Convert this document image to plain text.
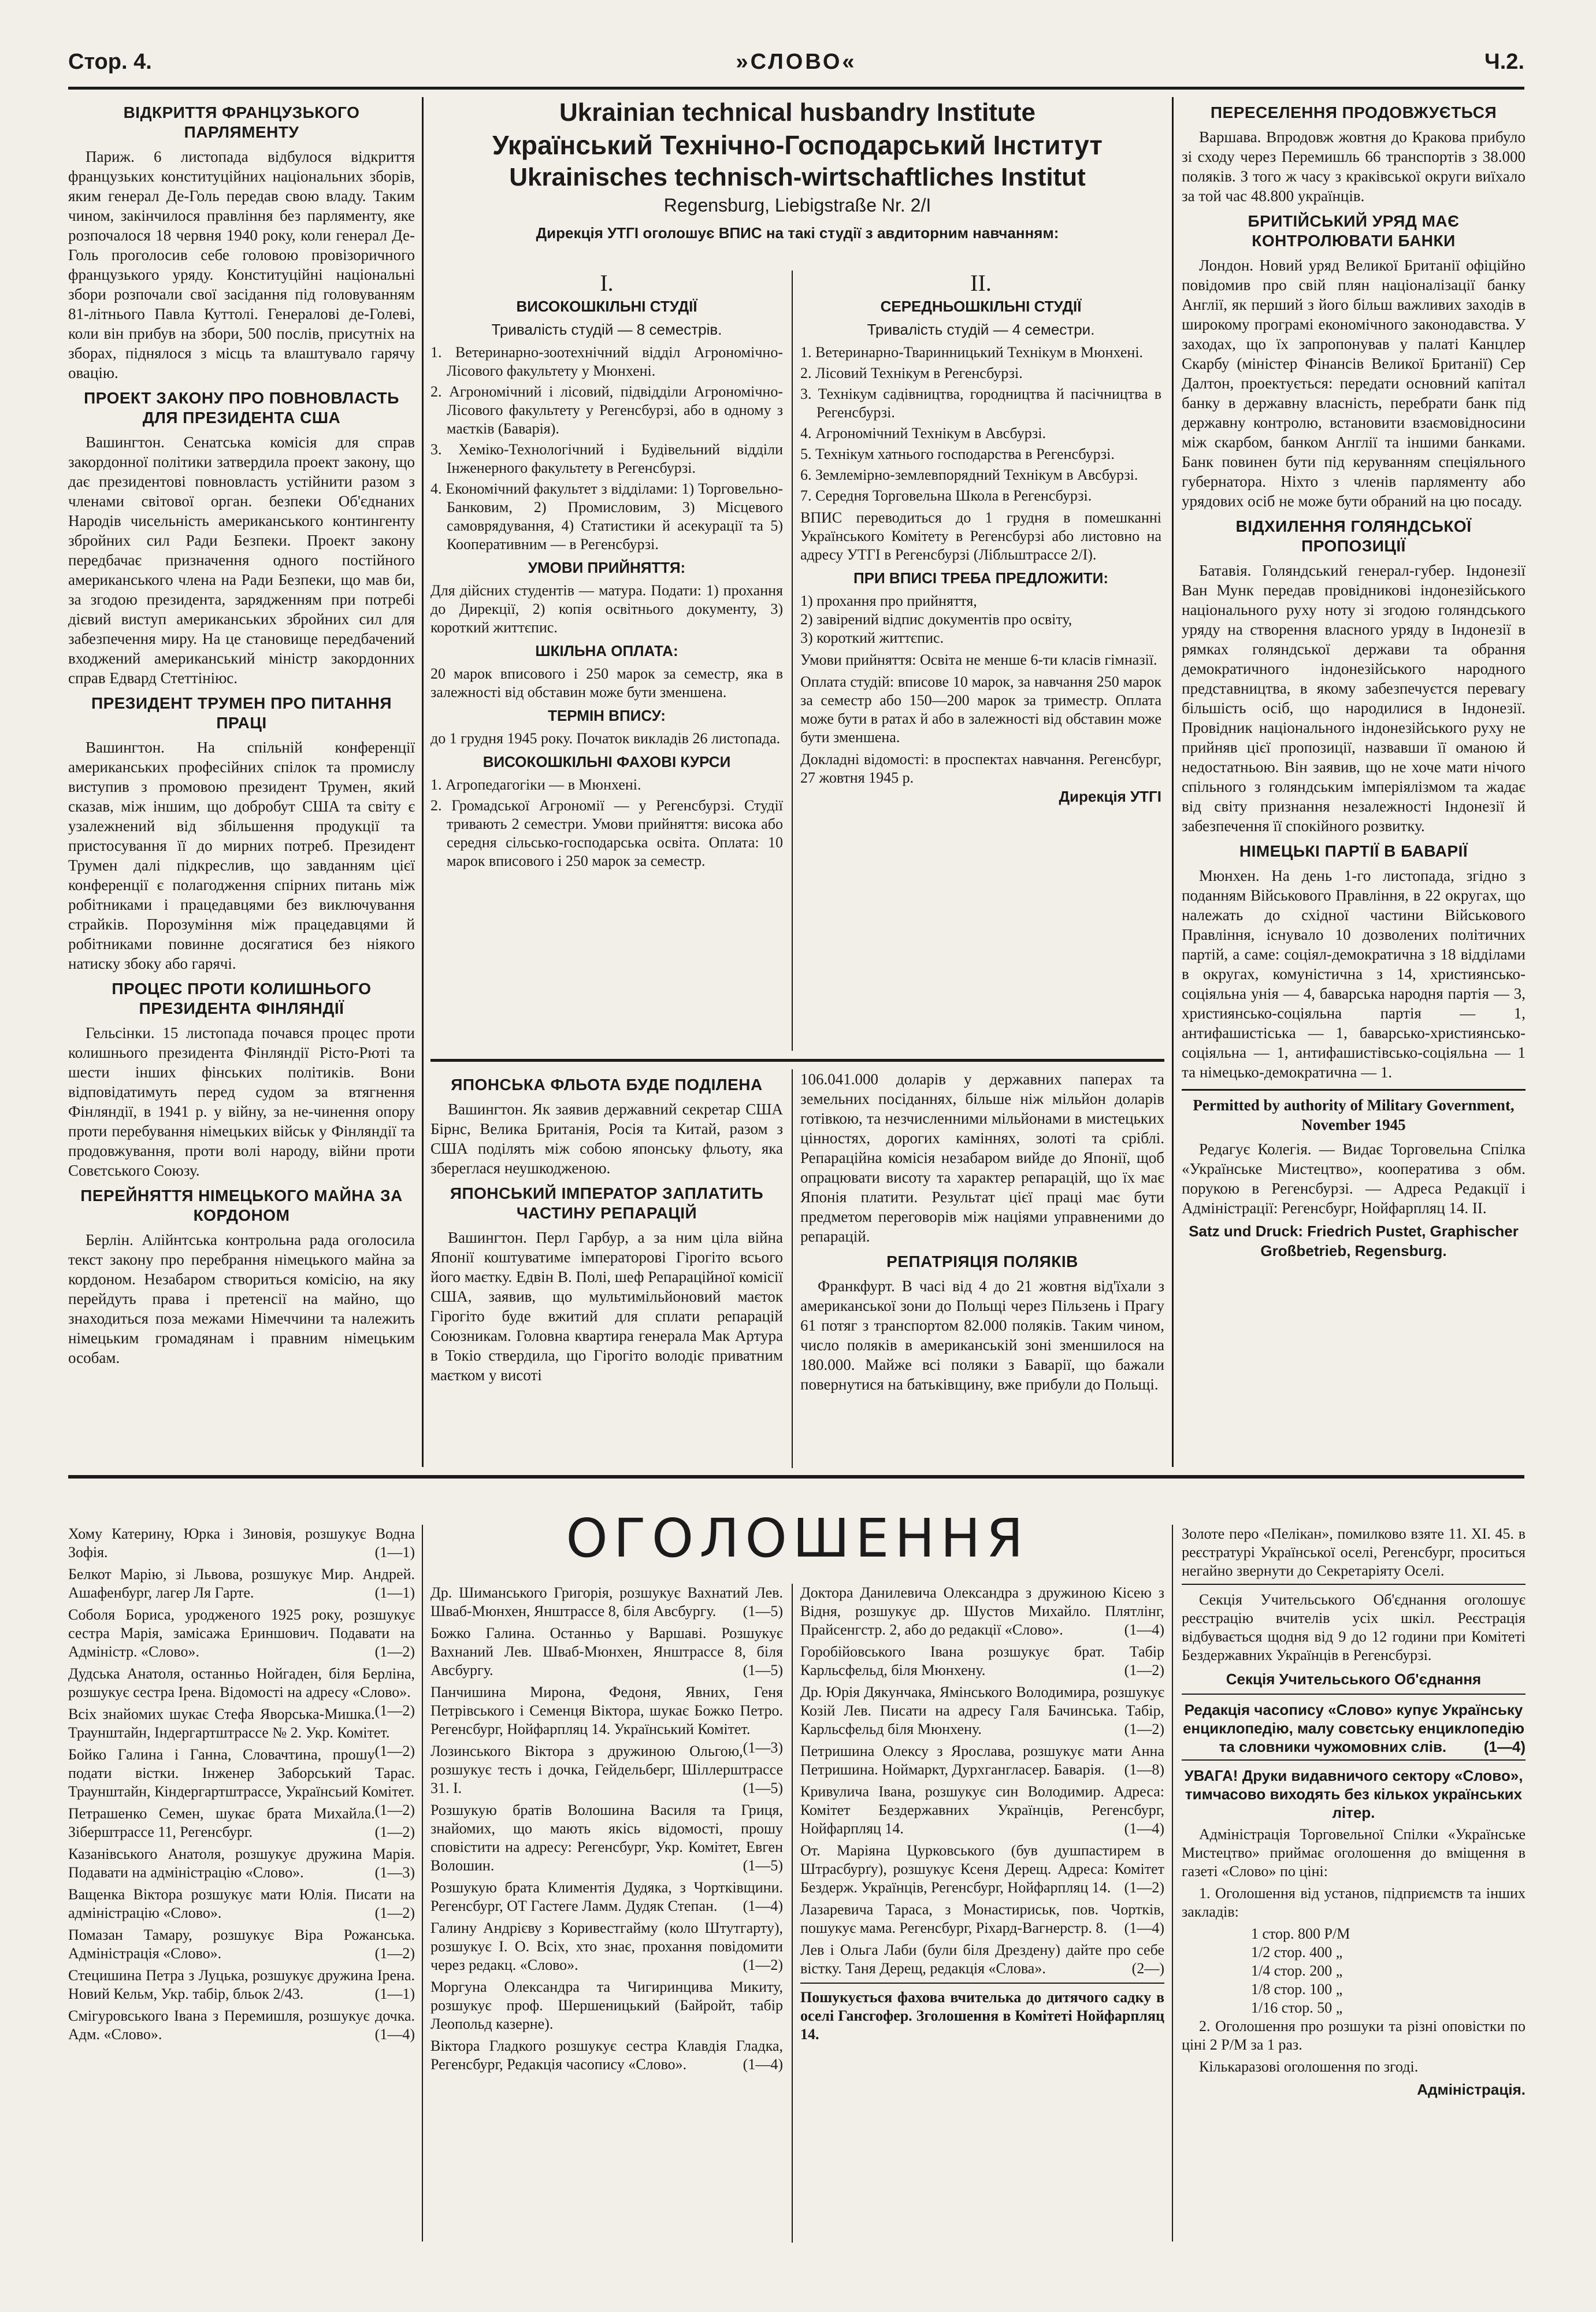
Стор. 4.	»СЛОВО«	Ч.2.
ВІДКРИТТЯ ФРАНЦУЗЬКОГО ПАРЛЯМЕНТУ

Париж. 6 листопада відбулося відкриття французьких конституційних національних зборів, яким генерал Де-Голь передав свою владу. Таким чином, закінчилося правління без парляменту, яке розпочалося 18 червня 1940 року, коли генерал Де-Голь проголосив себе головою провізоричного французького уряду. Конституційні національні збори розпочали свої засідання під головуванням 81-літнього Павла Куттолі. Генералові де-Голеві, коли він прибув на збори, 500 послів, присутніх на зборах, піднялося з місць та влаштувало гарячу овацію.

ПРОЕКТ ЗАКОНУ ПРО ПОВНОВЛАСТЬ ДЛЯ ПРЕЗИДЕНТА США

Вашингтон. Сенатська комісія для справ закордонної політики затвердила проект закону, що дає президентові повновласть устійнити разом з членами світової орган. безпеки Об'єднаних Народів чисельність американського контингенту збройних сил Ради Безпеки. Проект закону передбачає призначення одного постійного американського члена на Ради Безпеки, що мав би, за згодою президента, зарядженням при потребі дієвий виступ американських збройних сил для забезпечення миру. На це становище передбачений входжений американський міністр закордонних справ Едвард Стеттініюс.

ПРЕЗИДЕНТ ТРУМЕН ПРО ПИТАННЯ ПРАЦІ

Вашингтон. На спільній конференції американських професійних спілок та промислу виступив з промовою президент Трумен, який сказав, між іншим, що добробут США та світу є узалежнений від збільшення продукції та пристосування її до мирних потреб. Президент Трумен далі підкреслив, що завданням цієї конференції є полагодження спірних питань між робітниками і працедавцями без виключування страйків. Порозуміння між працедавцями й робітниками повинне досягатися без ніякого натиску збоку або гарячі.

ПРОЦЕС ПРОТИ КОЛИШНЬОГО ПРЕЗИДЕНТА ФІНЛЯНДІЇ

Гельсінки. 15 листопада почався процес проти колишнього президента Фінляндії Рісто-Рюті та шести інших фінських політиків. Вони відповідатимуть перед судом за втягнення Фінляндії, в 1941 р. у війну, за не-чинення опору проти перебування німецьких військ у Фінляндії та продовжування, проти волі народу, війни проти Совєтського Союзу.

ПЕРЕЙНЯТТЯ НІМЕЦЬКОГО МАЙНА ЗА КОРДОНОМ

Берлін. Алійнтська контрольна рада оголосила текст закону про перебрання німецького майна за кордоном. Незабаром створиться комісію, на яку перейдуть права і претенсії на майно, що знаходиться поза межами Німеччини та належить німецьким громадянам і правним німецьким особам.

Ukrainian technical husbandry Institute
Український Технічно-Господарський Інститут
Ukrainisches technisch-wirtschaftliches Institut
Regensburg, Liebigstraße Nr. 2/I
Дирекція УТГІ оголошує ВПИС на такі студії з авдиторним навчанням:
I.
ВИСОКОШКІЛЬНІ СТУДІЇ
Тривалість студій — 8 семестрів.
1. Ветеринарно-зоотехнічний відділ Агрономічно-Лісового факультету у Мюнхені.
2. Агрономічний і лісовий, підвідділи Агрономічно-Лісового факультету у Регенсбурзі, або в одному з маєтків (Баварія).
3. Хеміко-Технологічний і Будівельний відділи Інженерного факультету в Регенсбурзі.
4. Економічний факультет з відділами: 1) Торговельно-Банковим, 2) Промисловим, 3) Місцевого самоврядування, 4) Статистики й асекурації та 5) Кооперативним — в Регенсбурзі.
УМОВИ ПРИЙНЯТТЯ:
Для дійсних студентів — матура. Подати: 1) прохання до Дирекції, 2) копія освітнього документу, 3) короткий життєпис.
ШКІЛЬНА ОПЛАТА:
20 марок вписового і 250 марок за семестр, яка в залежності від обставин може бути зменшена.
ТЕРМІН ВПИСУ:
до 1 грудня 1945 року. Початок викладів 26 листопада.
ВИСОКОШКІЛЬНІ ФАХОВІ КУРСИ
1. Агропедагогіки — в Мюнхені.
2. Громадської Агрономії — у Регенсбурзі. Студії тривають 2 семестри. Умови прийняття: висока або середня сільсько-господарська освіта. Оплата: 10 марок вписового і 250 марок за семестр.
II.
СЕРЕДНЬОШКІЛЬНІ СТУДІЇ
Тривалість студій — 4 семестри.
1. Ветеринарно-Тваринницький Технікум в Мюнхені.
2. Лісовий Технікум в Регенсбурзі.
3. Технікум садівництва, городництва й пасічництва в Регенсбурзі.
4. Агрономічний Технікум в Авсбурзі.
5. Технікум хатнього господарства в Регенсбурзі.
6. Землемірно-землевпорядний Технікум в Авсбурзі.
7. Середня Торговельна Школа в Регенсбурзі.
ВПИС переводиться до 1 грудня в помешканні Українського Комітету в Регенсбурзі або листовно на адресу УТГІ в Регенсбурзі (Лібльштрассе 2/I).
ПРИ ВПИСІ ТРЕБА ПРЕДЛОЖИТИ:
1) прохання про прийняття,
2) завірений відпис документів про освіту,
3) короткий життєпис.
Умови прийняття: Освіта не менше 6-ти класів гімназії.
Оплата студій: вписове 10 марок, за навчання 250 марок за семестр або 150—200 марок за триместр. Оплата може бути в ратах й або в залежності від обставин може бути зменшена.
Докладні відомості: в проспектах навчання. Регенсбург, 27 жовтня 1945 р.
Дирекція УТГІ
ЯПОНСЬКА ФЛЬОТА БУДЕ ПОДІЛЕНА

Вашингтон. Як заявив державний секретар США Бірнс, Велика Британія, Росія та Китай, разом з США поділять між собою японську фльоту, яка збереглася неушкодженою.

ЯПОНСЬКИЙ ІМПЕРАТОР ЗАПЛАТИТЬ ЧАСТИНУ РЕПАРАЦІЙ

Вашингтон. Перл Гарбур, а за ним ціла війна Японії коштуватиме імператорові Гірогіто всього його маєтку. Едвін В. Полі, шеф Репараційної комісії США, заявив, що мультимільйоновий маєток Гірогіто буде вжитий для сплати репарацій Союзникам. Головна квартира генерала Мак Артура в Токіо ствердила, що Гірогіто володіє приватним маєтком у висоті

106.041.000 доларів у державних паперах та земельних посіданнях, більше ніж мільйон доларів готівкою, та незчисленними мільйонами в мистецьких цінностях, дорогих каміннях, золоті та сріблі. Репараційна комісія незабаром вийде до Японії, щоб опрацювати висоту та характер репарацій, що їх має Японія платити. Результат цієї праці має бути предметом переговорів між націями управненими до репарацій.

РЕПАТРІЯЦІЯ ПОЛЯКІВ

Франкфурт. В часі від 4 до 21 жовтня від'їхали з американської зони до Польщі через Пільзень і Прагу 61 потяг з транспортом 82.000 поляків. Таким чином, число поляків в американській зоні зменшилося на 180.000. Майже всі поляки з Баварії, що бажали повернутися на батьківщину, вже прибули до Польщі.

ПЕРЕСЕЛЕННЯ ПРОДОВЖУЄТЬСЯ

Варшава. Впродовж жовтня до Кракова прибуло зі сходу через Перемишль 66 транспортів з 38.000 поляків. З того ж часу з краківської округи виїхало за той час 48.800 українців.

БРИТІЙСЬКИЙ УРЯД МАЄ КОНТРОЛЮВАТИ БАНКИ

Лондон. Новий уряд Великої Британії офіційно повідомив про свій плян націоналізації банку Англії, як перший з його більш важливих заходів в широкому програмі економічного законодавства. У заходах, що їх запропонував у палаті Канцлер Скарбу (міністер Фінансів Великої Британії) Сер Далтон, проектується: передати основний капітал банку в державну власність, перебрати банк під державну контролю, встановити взаємовідносини між скарбом, банком Англії та іншими банками. Банк повинен бути під керуванням спеціяльного губернатора. Ніхто з членів парляменту або урядових осіб не може бути обраний на цю посаду.

ВІДХИЛЕННЯ ГОЛЯНДСЬКОЇ ПРОПОЗИЦІЇ

Батавія. Голяндський генерал-губер. Індонезії Ван Мунк передав провідникові індонезійського національного руху ноту зі згодою голяндського уряду на створення власного уряду в Індонезії в рямках голяндської держави та обрання демократичного індонезійського народного представництва, в якому забезпечуєтся перевагу більшість осіб, що народилися в Індонезії. Провідник національного індонезійського руху не прийняв цієї пропозиції, назвавши її оманою й недостатньою. Він заявив, що не хоче мати нічого спільного з голяндським імперіялізмом та жадає від світу признання незалежності Індонезії й забезпечення її спокійного розвитку.

НІМЕЦЬКІ ПАРТІЇ В БАВАРІЇ

Мюнхен. На день 1-го листопада, згідно з поданням Військового Правління, в 22 округах, що належать до східної частини Військового Правління, існувало 10 дозволених політичних партій, а саме: соціял-демократична з 18 відділами в округах, комуністична з 14, християнсько-соціяльна унія — 4, баварська народня партія — 3, християнсько-соціяльна партія — 1, антифашистіська — 1, баварсько-християнсько-соціяльна — 1, антифашистівсько-соціяльна — 1 та німецько-демократична — 1.

Permitted by authority of Military Government, November 1945

Редагує Колегія. — Видає Торговельна Спілка «Українське Мистецтво», кооператива з обм. порукою в Регенсбурзі. — Адреса Редакції і Адміністрації: Регенсбург, Нойфарпляц 14. II.

Satz und Druck: Friedrich Pustet, Graphischer Großbetrieb, Regensburg.
ОГОЛОШЕННЯ

Хому Катерину, Юрка і Зиновія, розшукує Водна Зофія.	(1—1)

Белкот Марію, зі Львова, розшукує Мир. Андрей. Ашафенбург, лагер Ля Гарте.	(1—1)

Соболя Бориса, уродженого 1925 року, розшукує сестра Марія, замісажа Ериншович. Подавати на Адміністр. «Слово».	(1—2)

Дудська Анатоля, останньо Нойгаден, біля Берліна, розшукує сестра Ірена. Відомості на адресу «Слово».
(1—2)

Всіх знайомих шукає Стефа Яворська-Мишка. Траунштайн, Індергартштрассе № 2. Укр. Комітет.
(1—2)

Бойко Галина і Ганна, Словачтина, прошу подати вістки. Інженер Заборський Тарас. Траунштайн, Кіндергартштрассе, Українсьий Комітет.
(1—2)

Петрашенко Семен, шукає брата Михайла. Зіберштрассе 11, Регенсбург.	(1—2)

Казанівського Анатоля, розшукує дружина Марія. Подавати на адміністрацію «Слово».	(1—3)

Ващенка Віктора розшукує мати Юлія. Писати на адміністрацію «Слово».	(1—2)

Помазан Тамару, розшукує Віра Рожанська. Адміністрація «Слово».	(1—2)

Стецишина Петра з Луцька, розшукує дружина Ірена. Новий Кельм, Укр. табір, бльок 2/43.	(1—1)

Смігуровського Івана з Перемишля, розшукує дочка. Адм. «Слово».	(1—4)

Др. Шиманського Григорія, розшукує Вахнатий Лев. Шваб-Мюнхен, Янштрассе 8, біля Авсбургу. (1—5)

Божко Галина. Останньо у Варшаві. Розшукує Вахнаний Лев. Шваб-Мюнхен, Янштрассе 8, біля Авсбургу.	(1—5)

Панчишина Мирона, Федоня, Явних, Геня Петрівського і Семенця Віктора, шукає Божко Петро. Регенсбург, Нойфарпляц 14. Український Комітет.
(1—3)

Лозинського Віктора з дружиною Ольгою, розшукує тесть і дочка, Гейдельберг, Шіллерштрассе 31. І.	(1—5)

Розшукую братів Волошина Василя та Гриця, знайомих, що мають якісь відомості, прошу сповістити на адресу: Регенсбург, Укр. Комітет, Евген Волошин.	(1—5)

Розшукую брата Климентія Дудяка, з Чортківщини. Регенсбург, ОТ Гастеге Ламм. Дудяк Степан. (1—4)

Галину Андрієву з Коривестгайму (коло Штутгарту), розшукує І. О. Всіх, хто знає, прохання повідомити через редакц. «Слово».	(1—2)

Моргуна Олександра та Чигиринцива Микиту, розшукує проф. Шершеницький (Байройт, табір Леопольд казерне).

Віктора Гладкого розшукує сестра Клавдія Гладка, Регенсбург, Редакція часопису «Слово».	(1—4)

Доктора Данилевича Олександра з дружиною Кісею з Відня, розшукує др. Шустов Михайло. Плятлінг, Прайсенгстр. 2, або до редакції «Слово».	(1—4)

Горобійовського Івана розшукує брат. Табір Карльсфельд, біля Мюнхену.	(1—2)

Др. Юрія Дякунчака, Ямінського Володимира, розшукує Козій Лев. Писати на адресу Галя Бачинська. Табір, Карльсфельд біля Мюнхену.	(1—2)

Петришина Олексу з Ярослава, розшукує мати Анна Петришина. Ноймаркт, Дурхгангласер. Баварія. (1—8)

Кривулича Івана, розшукує син Володимир. Адреса: Комітет Бездержавних Українців, Регенсбург, Нойфарпляц 14.	(1—4)

От. Маріяна Цурковського (був душпастирем в Штрасбурґу), розшукує Ксеня Дерещ. Адреса: Комітет Бездерж. Українців, Регенсбург, Нойфарпляц 14. (1—2)

Лазаревича Тараса, з Монастириськ, пов. Чортків, пошукує мама. Регенсбург, Ріхард-Вагнерстр. 8. (1—4)

Лев і Ольга Лаби (були біля Дрездену) дайте про себе вістку. Таня Дерещ, редакція «Слова».	(2—)

Пошукується фахова вчителька до дитячого садку в оселі Гансгофер. Зголошення в Комітеті Нойфарпляц 14.

Золоте перо «Пелікан», помилково взяте 11. XI. 45. в реєстратурі Української оселі, Регенсбург, проситься негайно звернути до Секретаріяту Оселі.

Секція Учительського Об'єднання оголошує реєстрацію вчителів усіх шкіл. Реєстрація відбувається щодня від 9 до 12 години при Комітеті Бездержавних Українців в Регенсбурзі.

Секція Учительського Об'єднання

Редакція часопису «Слово» купує Українську енциклопедію, малу совєтську енциклопедію та словники чужомовних слів. (1—4)

УВАГА! Друки видавничого сектору «Слово», тимчасово виходять без кількох українських літер.

Адміністрація Торговельної Спілки «Українське Мистецтво» приймає оголошення до вміщення в газеті «Слово» по ціні:

1. Оголошення від установ, підприємств та інших закладів:

1 стор. 800 Р/М
1/2 стор. 400 „
1/4 стор. 200 „
1/8 стор. 100 „
1/16 стор. 50 „

2. Оголошення про розшуки та різні оповістки по ціні 2 Р/М за 1 раз.

Кількаразові оголошення по згоді.

Адміністрація.
